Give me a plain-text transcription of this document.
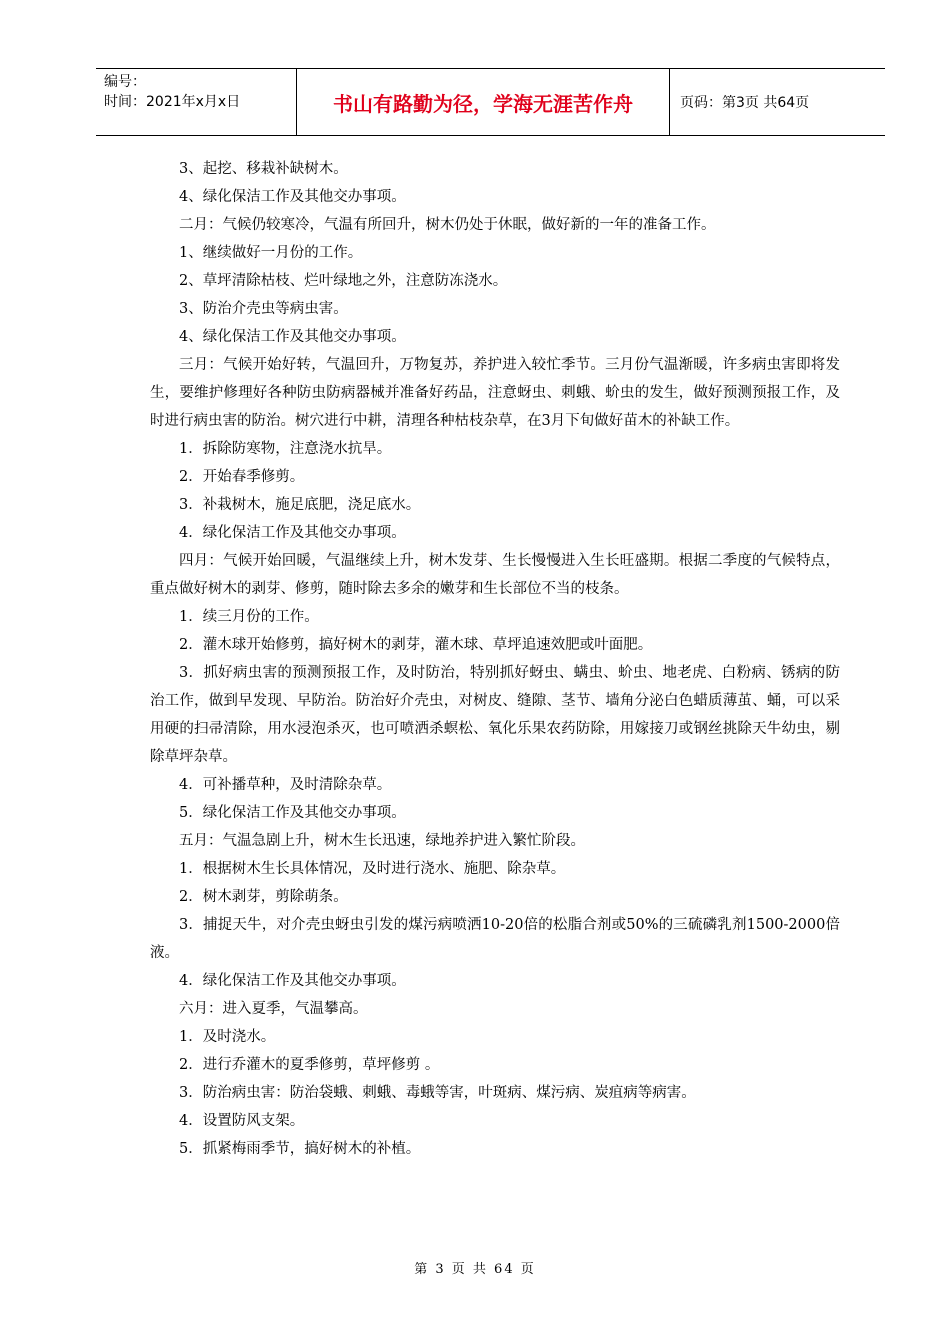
编号：
时间：2021年x月x日	书山有路勤为径，学海无涯苦作舟	页码：第3页 共64页

3、起挖、移栽补缺树木。

4、绿化保洁工作及其他交办事项。

二月：气候仍较寒冷，气温有所回升，树木仍处于休眠，做好新的一年的准备工作。

1、继续做好一月份的工作。

2、草坪清除枯枝、烂叶绿地之外，注意防冻浇水。

3、防治介壳虫等病虫害。

4、绿化保洁工作及其他交办事项。

三月：气候开始好转，气温回升，万物复苏，养护进入较忙季节。三月份气温渐暖，许多病虫害即将发生，要维护修理好各种防虫防病器械并准备好药品，注意蚜虫、刺蛾、蚧虫的发生，做好预测预报工作，及时进行病虫害的防治。树穴进行中耕，清理各种枯枝杂草，在3月下旬做好苗木的补缺工作。

1．拆除防寒物，注意浇水抗旱。

2．开始春季修剪。

3．补栽树木，施足底肥，浇足底水。

4．绿化保洁工作及其他交办事项。

四月：气候开始回暖，气温继续上升，树木发芽、生长慢慢进入生长旺盛期。根据二季度的气候特点，重点做好树木的剥芽、修剪，随时除去多余的嫩芽和生长部位不当的枝条。

1．续三月份的工作。

2．灌木球开始修剪，搞好树木的剥芽，灌木球、草坪追速效肥或叶面肥。

3．抓好病虫害的预测预报工作，及时防治，特别抓好蚜虫、螨虫、蚧虫、地老虎、白粉病、锈病的防治工作，做到早发现、早防治。防治好介壳虫，对树皮、缝隙、茎节、墙角分泌白色蜡质薄茧、蛹，可以采用硬的扫帚清除，用水浸泡杀灭，也可喷洒杀螟松、氧化乐果农药防除，用嫁接刀或钢丝挑除天牛幼虫，剔除草坪杂草。

4．可补播草种，及时清除杂草。

5．绿化保洁工作及其他交办事项。

五月：气温急剧上升，树木生长迅速，绿地养护进入繁忙阶段。

1．根据树木生长具体情况，及时进行浇水、施肥、除杂草。

2．树木剥芽，剪除萌条。

3．捕捉天牛，对介壳虫蚜虫引发的煤污病喷洒10-20倍的松脂合剂或50%的三硫磷乳剂1500-2000倍液。

4．绿化保洁工作及其他交办事项。

六月：进入夏季，气温攀高。

1．及时浇水。

2．进行乔灌木的夏季修剪，草坪修剪 。

3．防治病虫害：防治袋蛾、刺蛾、毒蛾等害，叶斑病、煤污病、炭疽病等病害。

4．设置防风支架。

5．抓紧梅雨季节，搞好树木的补植。

第 3 页 共 64 页
